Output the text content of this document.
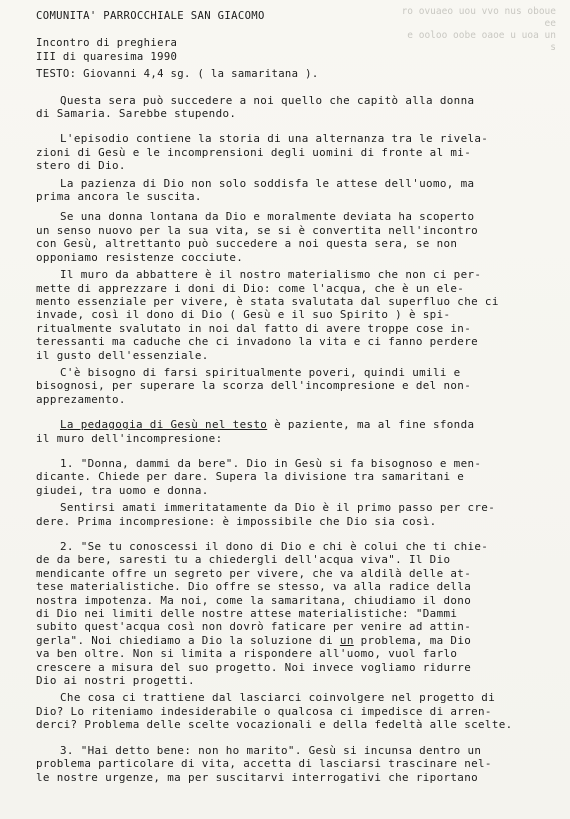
ro ovuaeo uou vvo nus oboue ee
e ooloo oobe oaoe u uoa un
s

COMUNITA' PARROCCHIALE SAN GIACOMO

Incontro di preghiera

III di quaresima 1990

TESTO: Giovanni 4,4 sg. ( la samaritana ).

Questa sera può succedere a noi quello che capitò alla donna
di Samaria. Sarebbe stupendo.

L'episodio contiene la storia di una alternanza tra le rivela-
zioni di Gesù e le incomprensioni degli uomini di fronte al mi-
stero di Dio.

La pazienza di Dio non solo soddisfa le attese dell'uomo, ma
prima ancora le suscita.

Se una donna lontana da Dio e moralmente deviata ha scoperto
un senso nuovo per la sua vita, se si è convertita nell'incontro
con Gesù, altrettanto può succedere a noi questa sera, se non
opponiamo resistenze cocciute.

Il muro da abbattere è il nostro materialismo che non ci per-
mette di apprezzare i doni di Dio: come l'acqua, che è un ele-
mento essenziale per vivere, è stata svalutata dal superfluo che ci
invade, così il dono di Dio ( Gesù e il suo Spirito ) è spi-
ritualmente svalutato in noi dal fatto di avere troppe cose in-
teressanti ma caduche che ci invadono la vita e ci fanno perdere
il gusto dell'essenziale.

C'è bisogno di farsi spiritualmente poveri, quindi umili e
bisognosi, per superare la scorza dell'incompresione e del non-
apprezamento.

La pedagogia di Gesù nel testo è paziente, ma al fine sfonda
il muro dell'incompresione:

1. "Donna, dammi da bere". Dio in Gesù si fa bisognoso e men-
dicante. Chiede per dare. Supera la divisione tra samaritani e
giudei, tra uomo e donna.

Sentirsi amati immeritatamente da Dio è il primo passo per cre-
dere. Prima incompresione: è impossibile che Dio sia così.

2. "Se tu conoscessi il dono di Dio e chi è colui che ti chie-
de da bere, saresti tu a chiedergli dell'acqua viva". Il Dio
mendicante offre un segreto per vivere, che va aldilà delle at-
tese materialistiche. Dio offre se stesso, va alla radice della
nostra impotenza. Ma noi, come la samaritana, chiudiamo il dono
di Dio nei limiti delle nostre attese materialistiche: "Dammi
subito quest'acqua così non dovrò faticare per venire ad attin-
gerla". Noi chiediamo a Dio la soluzione di un problema, ma Dio
va ben oltre. Non si limita a rispondere all'uomo, vuol farlo
crescere a misura del suo progetto. Noi invece vogliamo ridurre
Dio ai nostri progetti.

Che cosa ci trattiene dal lasciarci coinvolgere nel progetto di
Dio? Lo riteniamo indesiderabile o qualcosa ci impedisce di arren-
derci? Problema delle scelte vocazionali e della fedeltà alle scelte.

3. "Hai detto bene: non ho marito". Gesù si incunsa dentro un
problema particolare di vita, accetta di lasciarsi trascinare nel-
le nostre urgenze, ma per suscitarvi interrogativi che riportano
